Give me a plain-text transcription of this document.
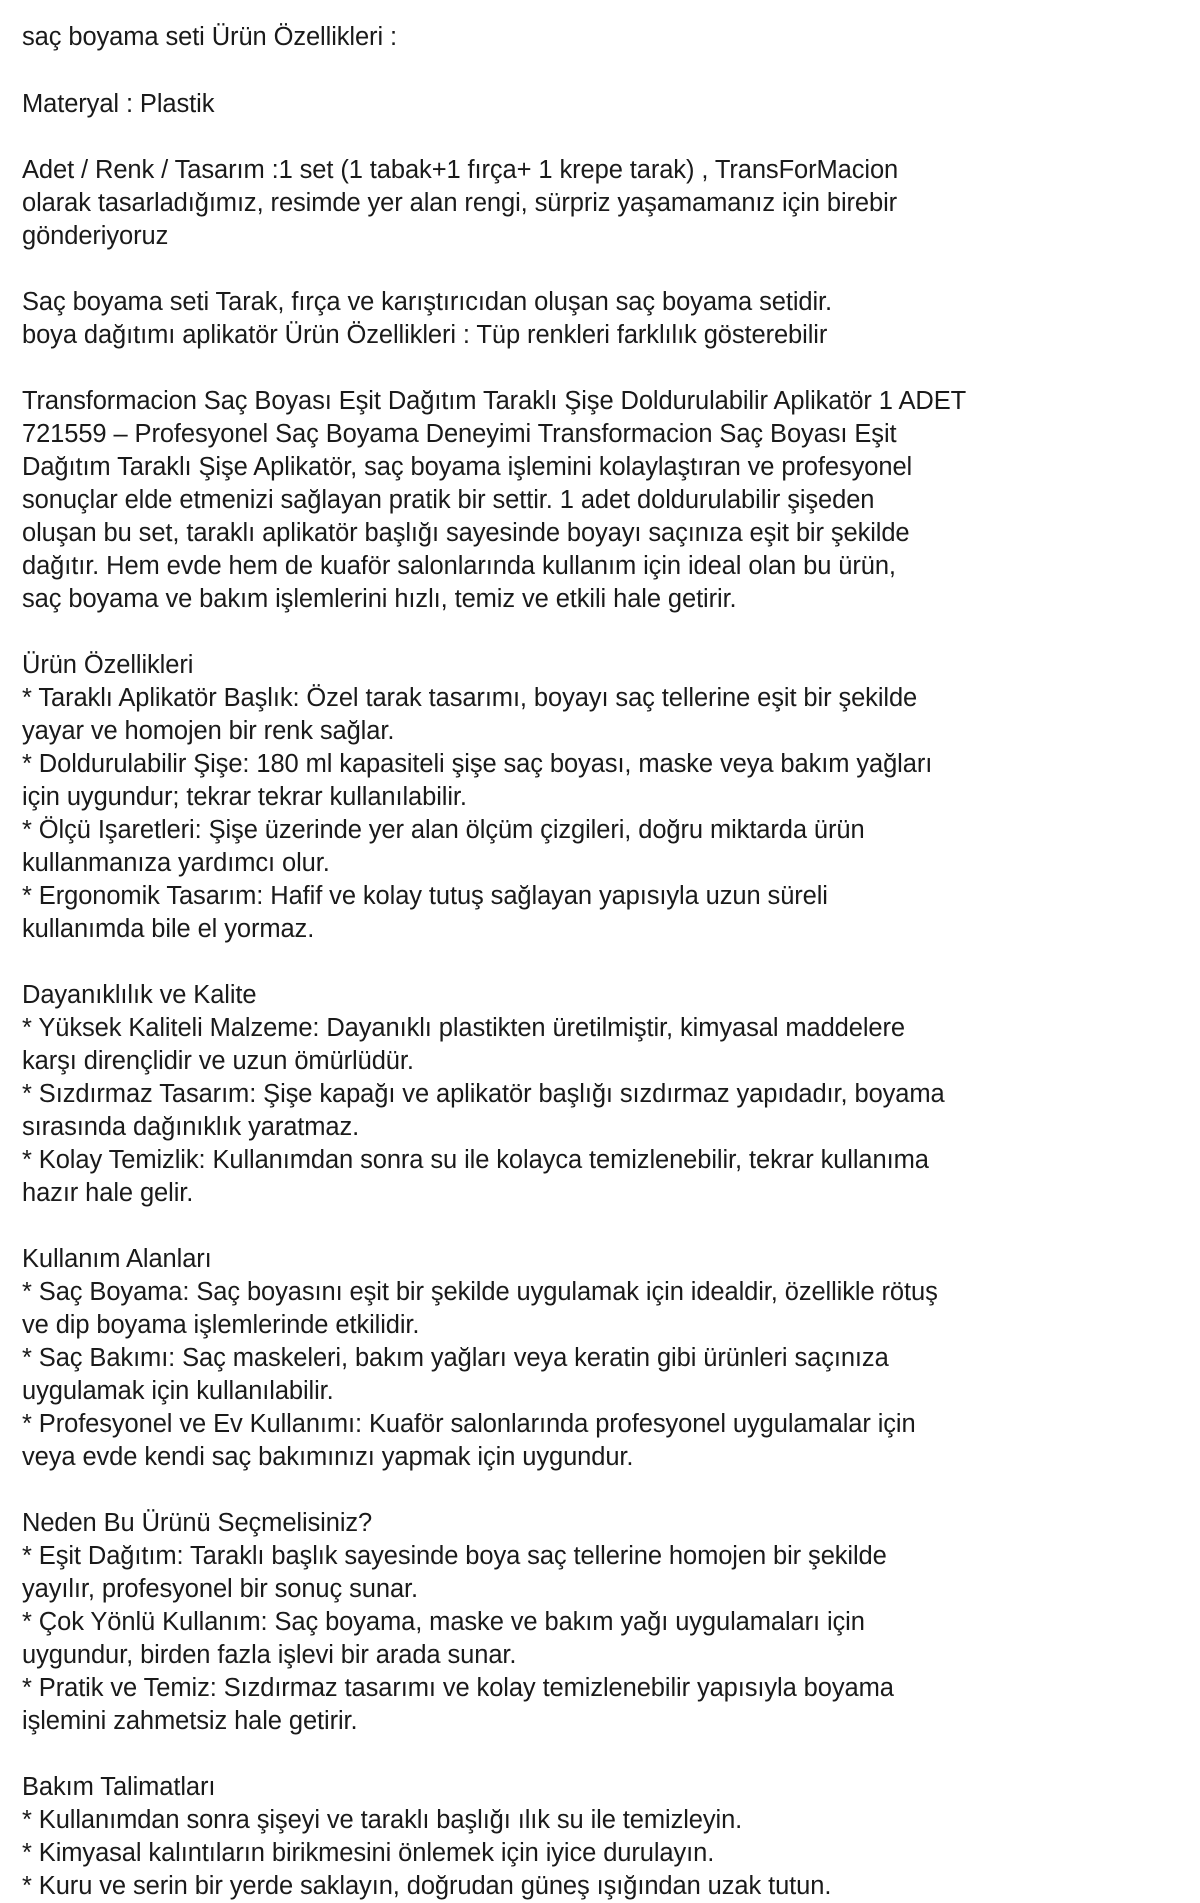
saç boyama seti Ürün Özellikleri :
Materyal : Plastik
Adet / Renk / Tasarım :1 set (1 tabak+1 fırça+ 1 krepe tarak) , TransForMacion
olarak tasarladığımız, resimde yer alan rengi, sürpriz yaşamamanız için birebir
gönderiyoruz
Saç boyama seti Tarak, fırça ve karıştırıcıdan oluşan saç boyama setidir.
boya dağıtımı aplikatör Ürün Özellikleri : Tüp renkleri farklılık gösterebilir
Transformacion Saç Boyası Eşit Dağıtım Taraklı Şişe Doldurulabilir Aplikatör 1 ADET
721559 – Profesyonel Saç Boyama Deneyimi Transformacion Saç Boyası Eşit
Dağıtım Taraklı Şişe Aplikatör, saç boyama işlemini kolaylaştıran ve profesyonel
sonuçlar elde etmenizi sağlayan pratik bir settir. 1 adet doldurulabilir şişeden
oluşan bu set, taraklı aplikatör başlığı sayesinde boyayı saçınıza eşit bir şekilde
dağıtır. Hem evde hem de kuaför salonlarında kullanım için ideal olan bu ürün,
saç boyama ve bakım işlemlerini hızlı, temiz ve etkili hale getirir.
Ürün Özellikleri
* Taraklı Aplikatör Başlık: Özel tarak tasarımı, boyayı saç tellerine eşit bir şekilde
yayar ve homojen bir renk sağlar.
* Doldurulabilir Şişe: 180 ml kapasiteli şişe saç boyası, maske veya bakım yağları
için uygundur; tekrar tekrar kullanılabilir.
* Ölçü Işaretleri: Şişe üzerinde yer alan ölçüm çizgileri, doğru miktarda ürün
kullanmanıza yardımcı olur.
* Ergonomik Tasarım: Hafif ve kolay tutuş sağlayan yapısıyla uzun süreli
kullanımda bile el yormaz.
Dayanıklılık ve Kalite
* Yüksek Kaliteli Malzeme: Dayanıklı plastikten üretilmiştir, kimyasal maddelere
karşı dirençlidir ve uzun ömürlüdür.
* Sızdırmaz Tasarım: Şişe kapağı ve aplikatör başlığı sızdırmaz yapıdadır, boyama
sırasında dağınıklık yaratmaz.
* Kolay Temizlik: Kullanımdan sonra su ile kolayca temizlenebilir, tekrar kullanıma
hazır hale gelir.
Kullanım Alanları
* Saç Boyama: Saç boyasını eşit bir şekilde uygulamak için idealdir, özellikle rötuş
ve dip boyama işlemlerinde etkilidir.
* Saç Bakımı: Saç maskeleri, bakım yağları veya keratin gibi ürünleri saçınıza
uygulamak için kullanılabilir.
* Profesyonel ve Ev Kullanımı: Kuaför salonlarında profesyonel uygulamalar için
veya evde kendi saç bakımınızı yapmak için uygundur.
Neden Bu Ürünü Seçmelisiniz?
* Eşit Dağıtım: Taraklı başlık sayesinde boya saç tellerine homojen bir şekilde
yayılır, profesyonel bir sonuç sunar.
* Çok Yönlü Kullanım: Saç boyama, maske ve bakım yağı uygulamaları için
uygundur, birden fazla işlevi bir arada sunar.
* Pratik ve Temiz: Sızdırmaz tasarımı ve kolay temizlenebilir yapısıyla boyama
işlemini zahmetsiz hale getirir.
Bakım Talimatları
* Kullanımdan sonra şişeyi ve taraklı başlığı ılık su ile temizleyin.
* Kimyasal kalıntıların birikmesini önlemek için iyice durulayın.
* Kuru ve serin bir yerde saklayın, doğrudan güneş ışığından uzak tutun.
